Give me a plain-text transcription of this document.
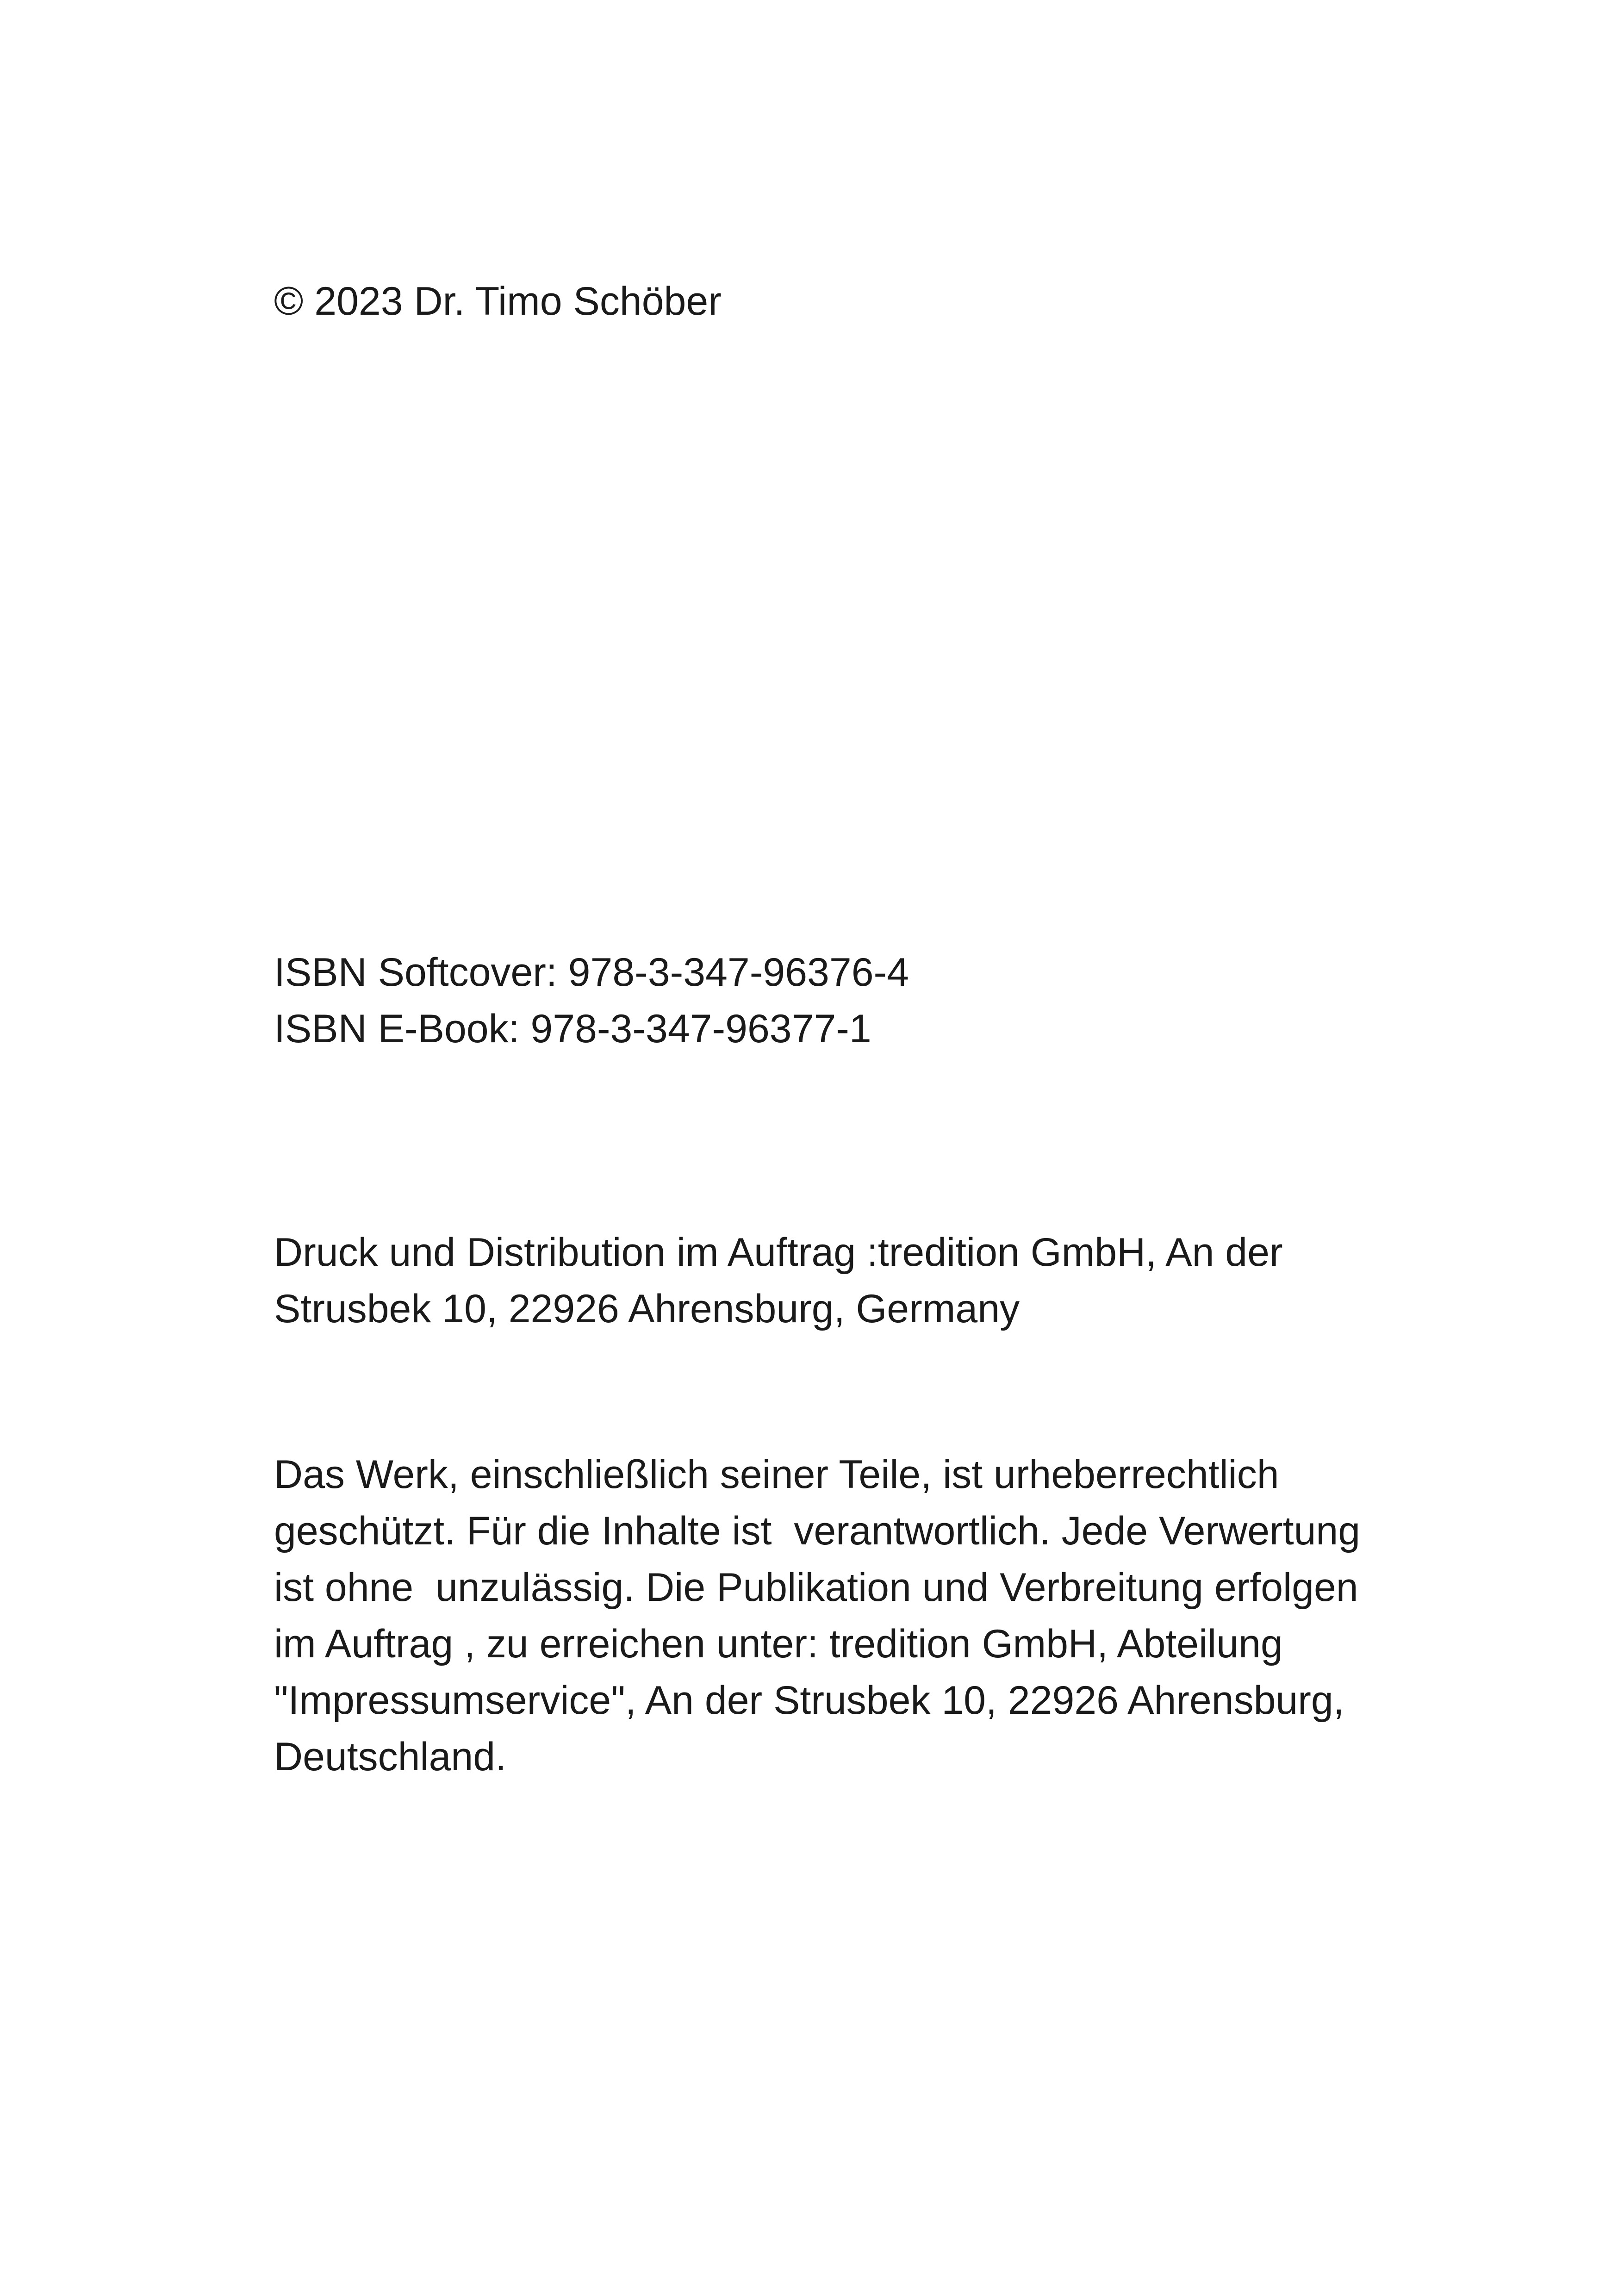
© 2023 Dr. Timo Schöber

ISBN Softcover: 978-3-347-96376-4
ISBN E-Book: 978-3-347-96377-1

Druck und Distribution im Auftrag :tredition GmbH, An der
Strusbek 10, 22926 Ahrensburg, Germany

Das Werk, einschließlich seiner Teile, ist urheberrechtlich
geschützt. Für die Inhalte ist  verantwortlich. Jede Verwertung
ist ohne  unzulässig. Die Publikation und Verbreitung erfolgen
im Auftrag , zu erreichen unter: tredition GmbH, Abteilung
"Impressumservice", An der Strusbek 10, 22926 Ahrensburg,
Deutschland.
